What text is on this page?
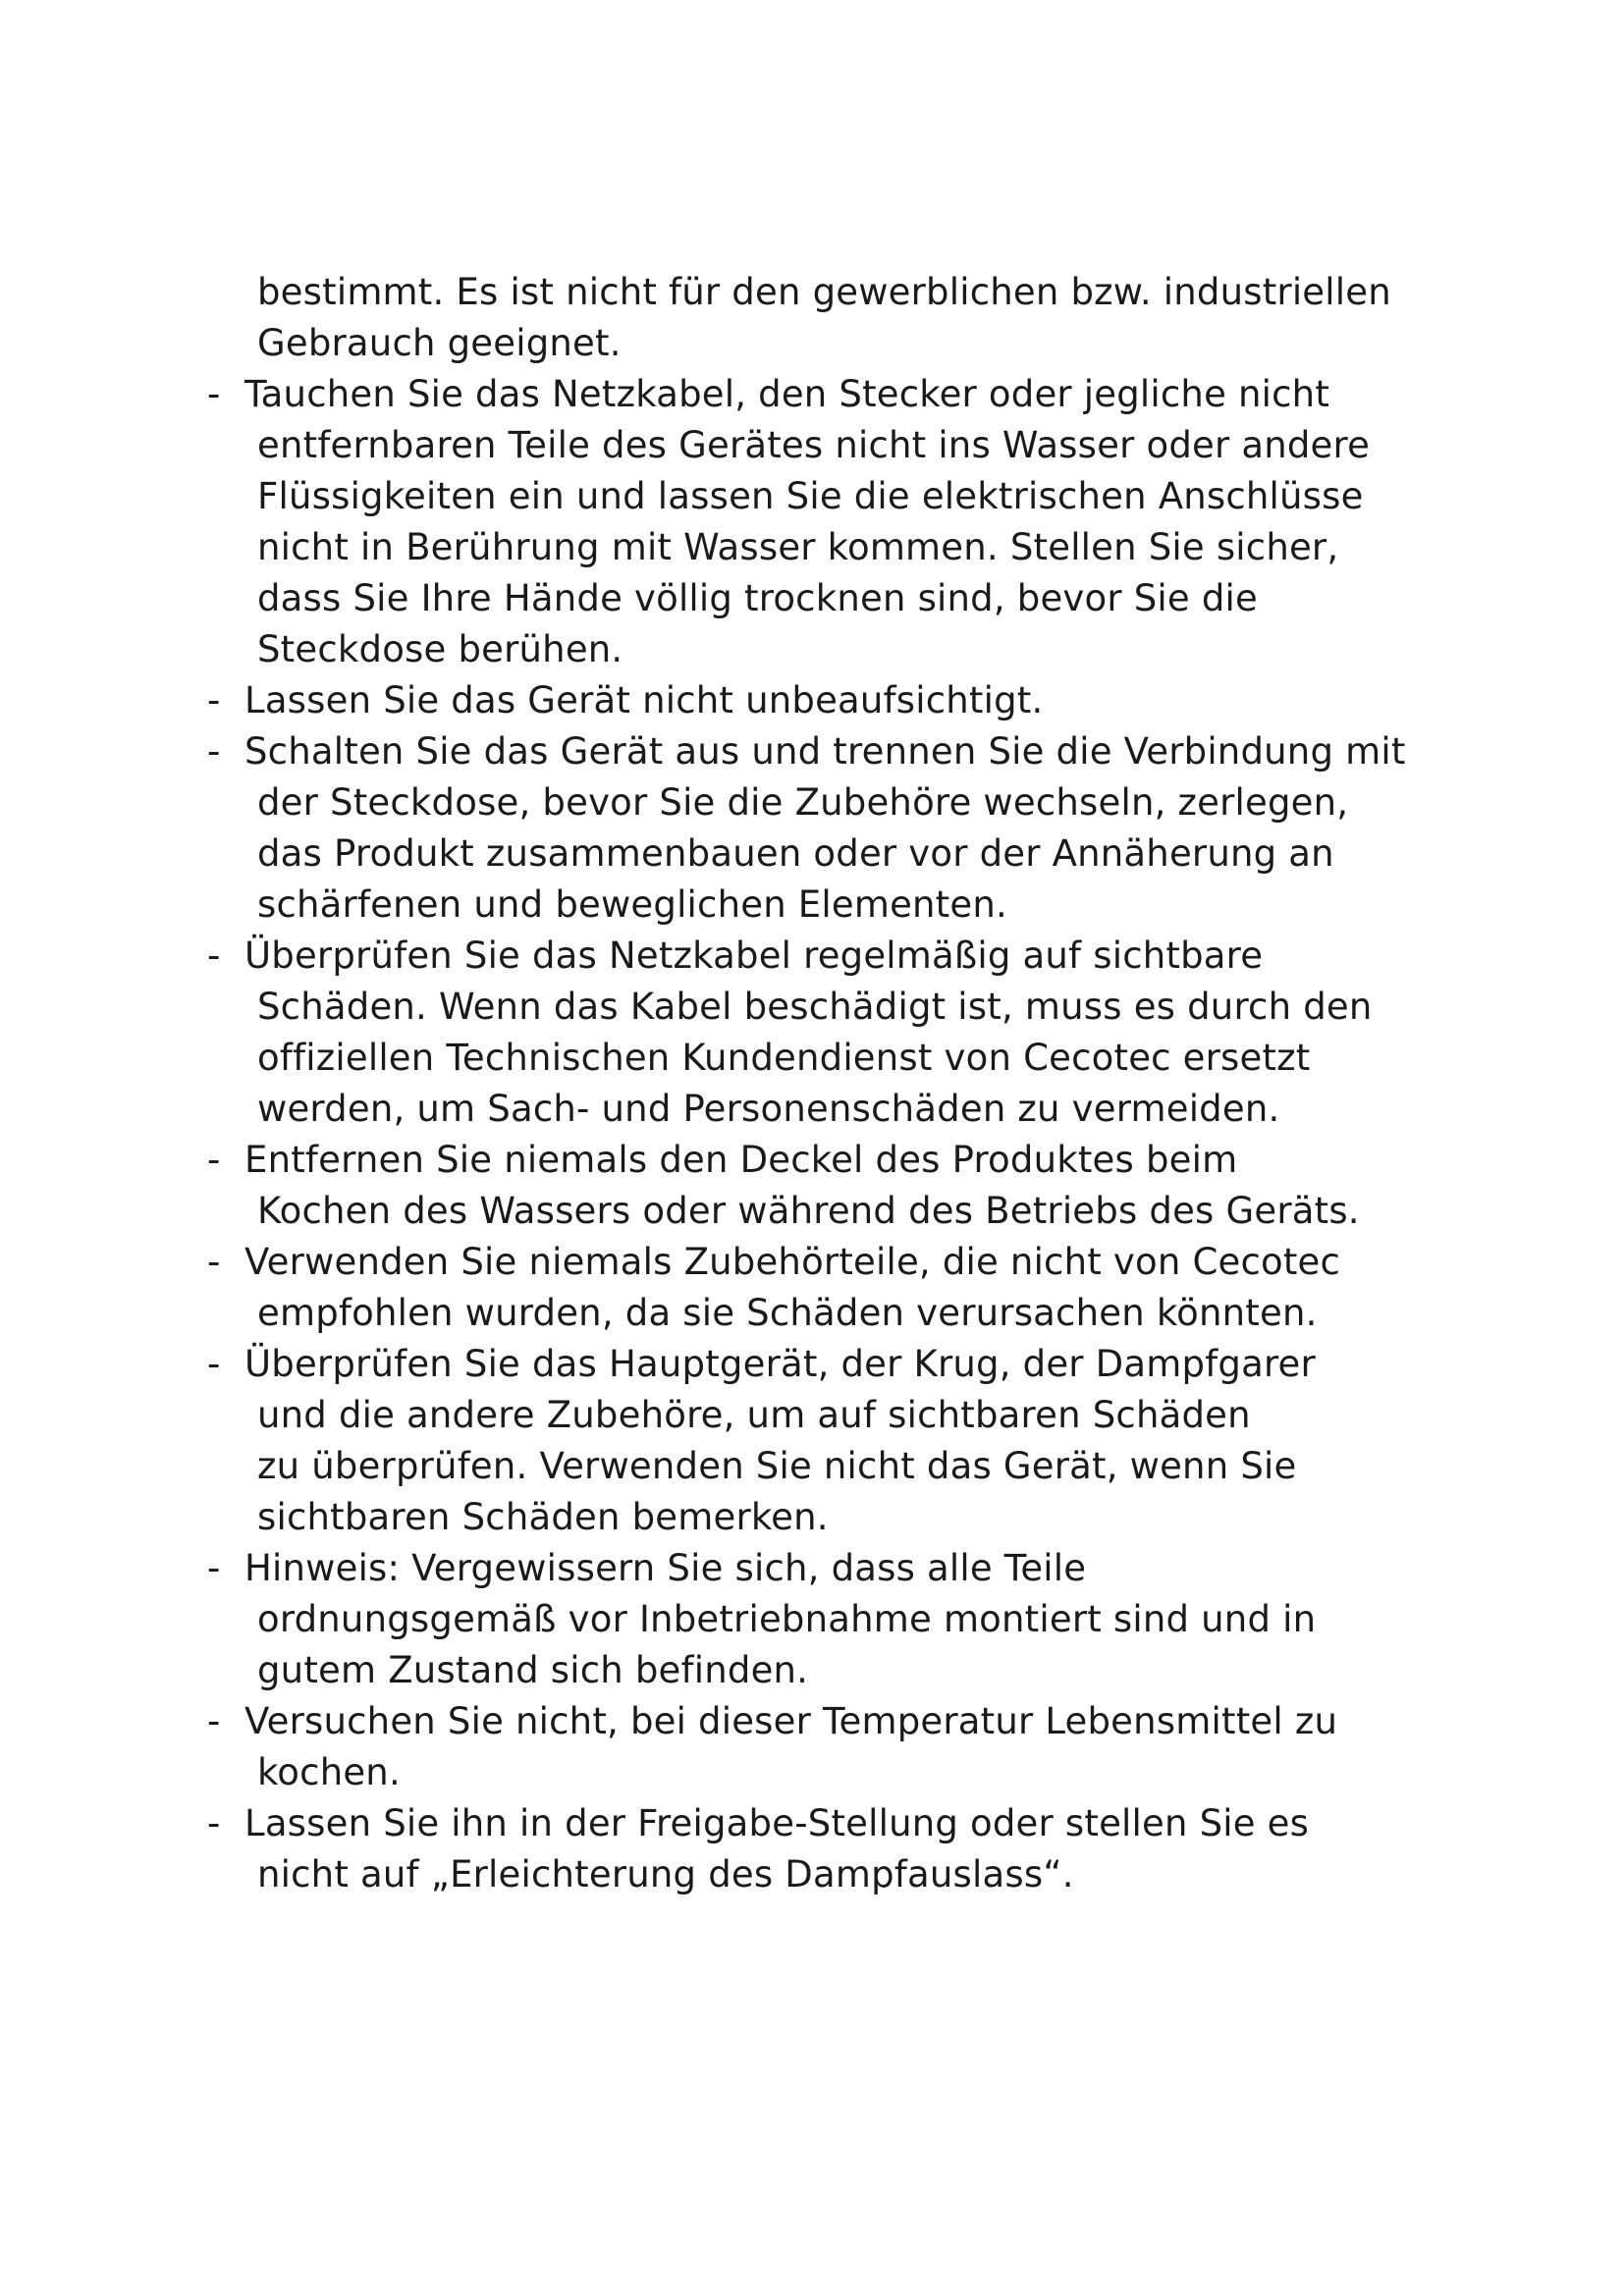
bestimmt. Es ist nicht für den gewerblichen bzw. industriellen
Gebrauch geeignet.
- Tauchen Sie das Netzkabel, den Stecker oder jegliche nicht
entfernbaren Teile des Gerätes nicht ins Wasser oder andere
Flüssigkeiten ein und lassen Sie die elektrischen Anschlüsse
nicht in Berührung mit Wasser kommen. Stellen Sie sicher,
dass Sie Ihre Hände völlig trocknen sind, bevor Sie die
Steckdose berühen.
- Lassen Sie das Gerät nicht unbeaufsichtigt.
- Schalten Sie das Gerät aus und trennen Sie die Verbindung mit
der Steckdose, bevor Sie die Zubehöre wechseln, zerlegen,
das Produkt zusammenbauen oder vor der Annäherung an
schärfenen und beweglichen Elementen.
- Überprüfen Sie das Netzkabel regelmäßig auf sichtbare
Schäden. Wenn das Kabel beschädigt ist, muss es durch den
offiziellen Technischen Kundendienst von Cecotec ersetzt
werden, um Sach- und Personenschäden zu vermeiden.
- Entfernen Sie niemals den Deckel des Produktes beim
Kochen des Wassers oder während des Betriebs des Geräts.
- Verwenden Sie niemals Zubehörteile, die nicht von Cecotec
empfohlen wurden, da sie Schäden verursachen könnten.
- Überprüfen Sie das Hauptgerät, der Krug, der Dampfgarer
und die andere Zubehöre, um auf sichtbaren Schäden
zu überprüfen. Verwenden Sie nicht das Gerät, wenn Sie
sichtbaren Schäden bemerken.
- Hinweis: Vergewissern Sie sich, dass alle Teile
ordnungsgemäß vor Inbetriebnahme montiert sind und in
gutem Zustand sich befinden.
- Versuchen Sie nicht, bei dieser Temperatur Lebensmittel zu
kochen.
- Lassen Sie ihn in der Freigabe-Stellung oder stellen Sie es
nicht auf „Erleichterung des Dampfauslass“.
